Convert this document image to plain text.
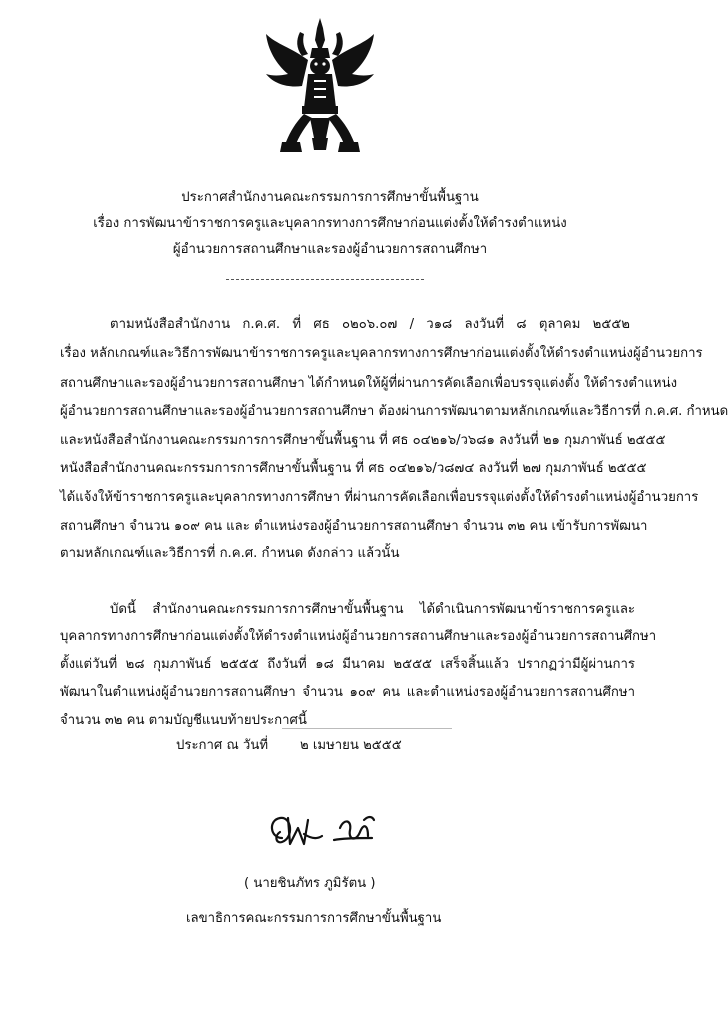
ประกาศสำนักงานคณะกรรมการการศึกษาขั้นพื้นฐาน
เรื่อง การพัฒนาข้าราชการครูและบุคลากรทางการศึกษาก่อนแต่งตั้งให้ดำรงตำแหน่ง
ผู้อำนวยการสถานศึกษาและรองผู้อำนวยการสถานศึกษา
ตามหนังสือสำนักงาน ก.ค.ศ. ที่ ศธ ๐๒๐๖.๐๗ / ว๑๘ ลงวันที่ ๘ ตุลาคม ๒๕๕๒
เรื่อง หลักเกณฑ์และวิธีการพัฒนาข้าราชการครูและบุคลากรทางการศึกษาก่อนแต่งตั้งให้ดำรงตำแหน่งผู้อำนวยการ
สถานศึกษาและรองผู้อำนวยการสถานศึกษา ได้กำหนดให้ผู้ที่ผ่านการคัดเลือกเพื่อบรรจุแต่งตั้ง ให้ดำรงตำแหน่ง
ผู้อำนวยการสถานศึกษาและรองผู้อำนวยการสถานศึกษา ต้องผ่านการพัฒนาตามหลักเกณฑ์และวิธีการที่ ก.ค.ศ. กำหนด
และหนังสือสำนักงานคณะกรรมการการศึกษาขั้นพื้นฐาน ที่ ศธ ๐๔๒๑๖/ว๖๘๑ ลงวันที่ ๒๑ กุมภาพันธ์ ๒๕๕๕
หนังสือสำนักงานคณะกรรมการการศึกษาขั้นพื้นฐาน ที่ ศธ ๐๔๒๑๖/ว๘๗๔ ลงวันที่ ๒๗ กุมภาพันธ์ ๒๕๕๕
ได้แจ้งให้ข้าราชการครูและบุคลากรทางการศึกษา ที่ผ่านการคัดเลือกเพื่อบรรจุแต่งตั้งให้ดำรงตำแหน่งผู้อำนวยการ
สถานศึกษา จำนวน ๑๐๙ คน และ ตำแหน่งรองผู้อำนวยการสถานศึกษา จำนวน ๓๒ คน เข้ารับการพัฒนา
ตามหลักเกณฑ์และวิธีการที่ ก.ค.ศ. กำหนด ดังกล่าว แล้วนั้น
บัดนี้ สำนักงานคณะกรรมการการศึกษาขั้นพื้นฐาน ได้ดำเนินการพัฒนาข้าราชการครูและ
บุคลากรทางการศึกษาก่อนแต่งตั้งให้ดำรงตำแหน่งผู้อำนวยการสถานศึกษาและรองผู้อำนวยการสถานศึกษา
ตั้งแต่วันที่ ๒๘ กุมภาพันธ์ ๒๕๕๕ ถึงวันที่ ๑๘ มีนาคม ๒๕๕๕ เสร็จสิ้นแล้ว ปรากฏว่ามีผู้ผ่านการ
พัฒนาในตำแหน่งผู้อำนวยการสถานศึกษา จำนวน ๑๐๙ คน และตำแหน่งรองผู้อำนวยการสถานศึกษา
จำนวน ๓๒ คน ตามบัญชีแนบท้ายประกาศนี้
ประกาศ ณ วันที่ ๒ เมษายน ๒๕๕๕
( นายชินภัทร ภูมิรัตน )
เลขาธิการคณะกรรมการการศึกษาขั้นพื้นฐาน
